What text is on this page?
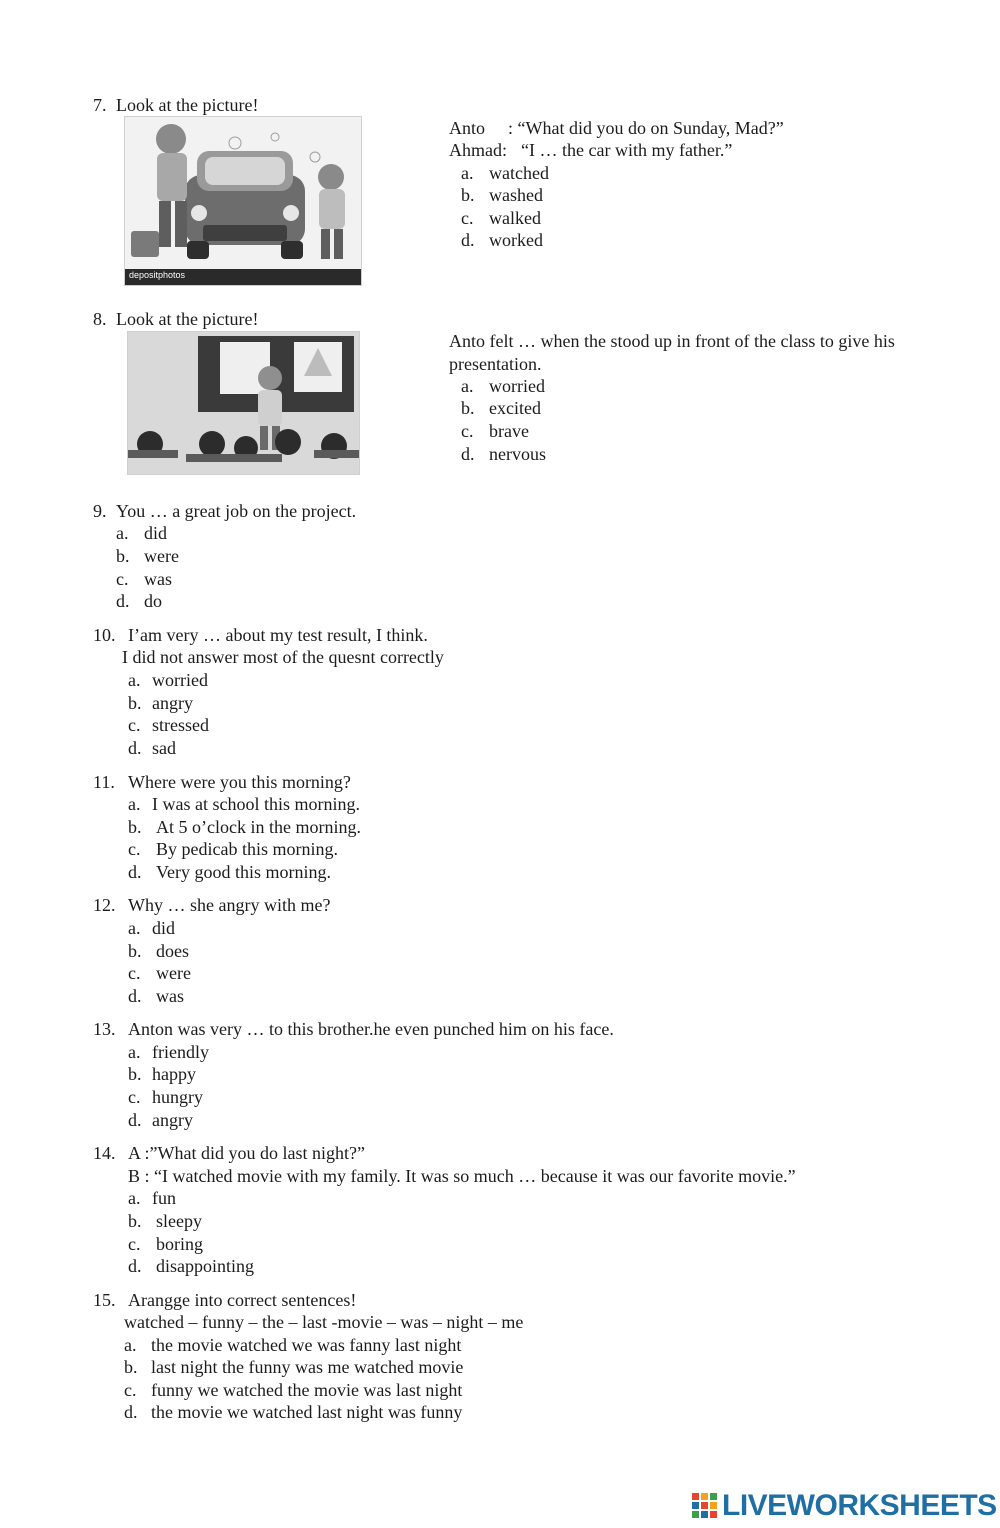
7. Look at the picture!
depositphotos
Anto : “What did you do on Sunday, Mad?”
Ahmad: “I … the car with my father.”
a. watched
b. washed
c. walked
d. worked
8. Look at the picture!
Anto felt … when the stood up in front of the class to give his
presentation.
a. worried
b. excited
c. brave
d. nervous
9. You … a great job on the project.
a. did
b. were
c. was
d. do
10. I’am very … about my test result, I think.
I did not answer most of the quesnt correctly
a. worried
b. angry
c. stressed
d. sad
11. Where were you this morning?
a. I was at school this morning.
b. At 5 o’clock in the morning.
c. By pedicab this morning.
d. Very good this morning.
12. Why … she angry with me?
a. did
b. does
c. were
d. was
13. Anton was very … to this brother.he even punched him on his face.
a. friendly
b. happy
c. hungry
d. angry
14. A :”What did you do last night?”
B : “I watched movie with my family. It was so much … because it was our favorite movie.”
a. fun
b. sleepy
c. boring
d. disappointing
15. Arangge into correct sentences!
watched – funny – the – last -movie – was – night – me
a. the movie watched we was fanny last night
b. last night the funny was me watched movie
c. funny we watched the movie was last night
d. the movie we watched last night was funny
LIVEWORKSHEETS
